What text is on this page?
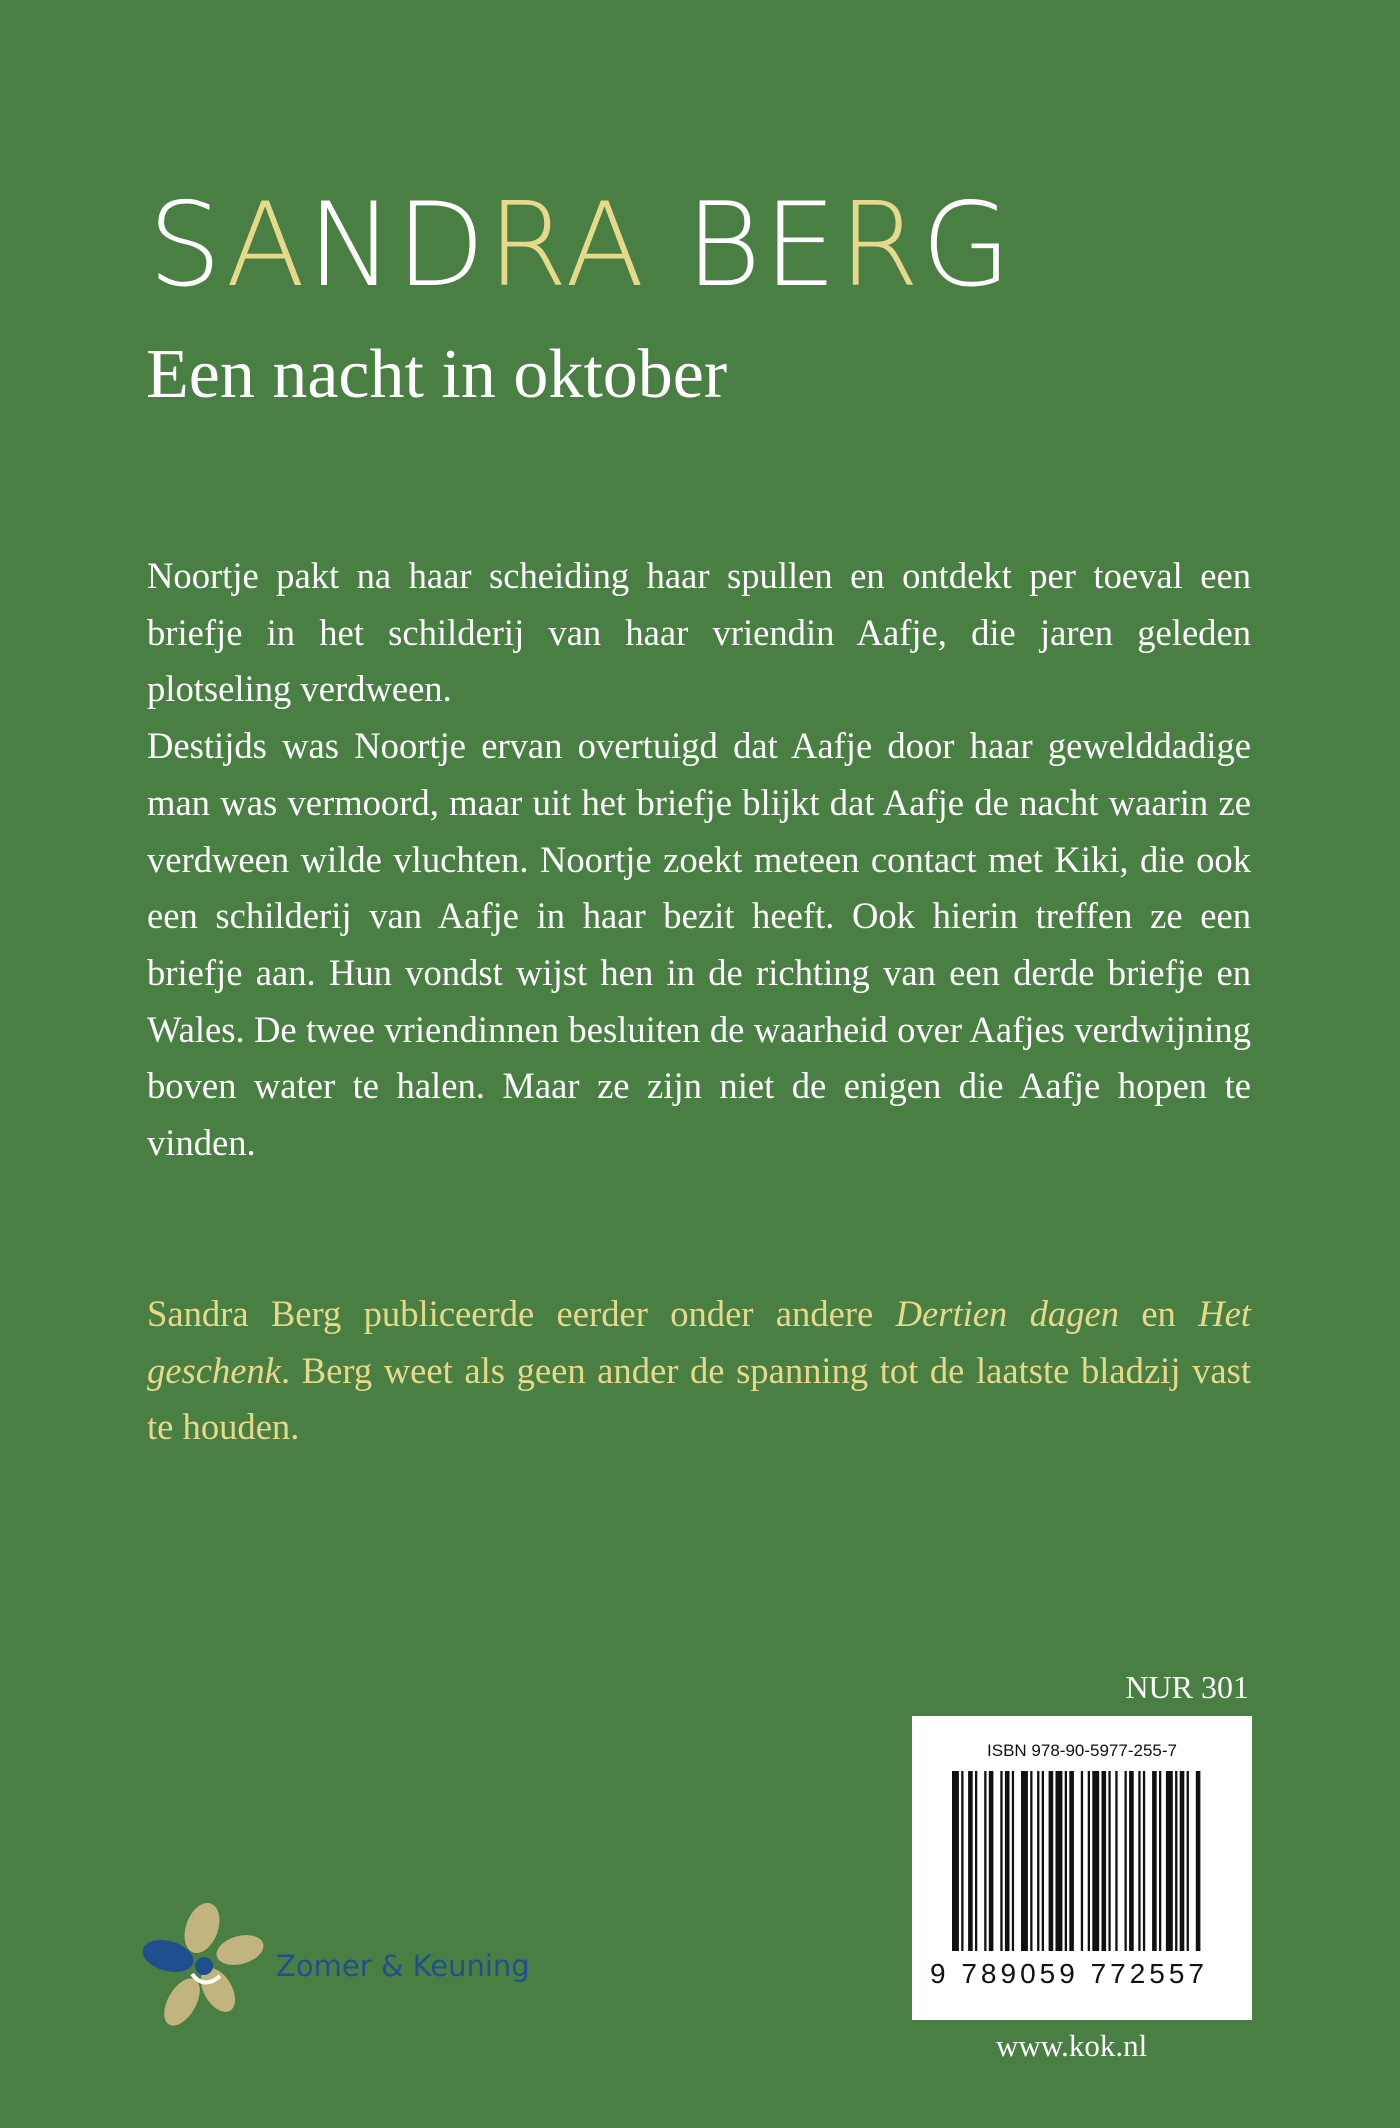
SANDRA BERG
Een nacht in oktober

Noortje pakt na haar scheiding haar spullen en ontdekt per toeval een briefje in het schilderij van haar vriendin Aafje, die jaren geleden plotseling verdween.

Destijds was Noortje ervan overtuigd dat Aafje door haar gewelddadige man was vermoord, maar uit het briefje blijkt dat Aafje de nacht waarin ze verdween wilde vluchten. Noortje zoekt meteen contact met Kiki, die ook een schilderij van Aafje in haar bezit heeft. Ook hierin treffen ze een briefje aan. Hun vondst wijst hen in de richting van een derde briefje en Wales. De twee vriendinnen besluiten de waarheid over Aafjes verdwijning boven water te halen. Maar ze zijn niet de enigen die Aafje hopen te vinden.

Sandra Berg publiceerde eerder onder andere Dertien dagen en Het geschenk. Berg weet als geen ander de spanning tot de laatste bladzij vast te houden.
NUR 301
ISBN 978-90-5977-255-7
9 789059 772557
Zomer & Keuning
www.kok.nl
